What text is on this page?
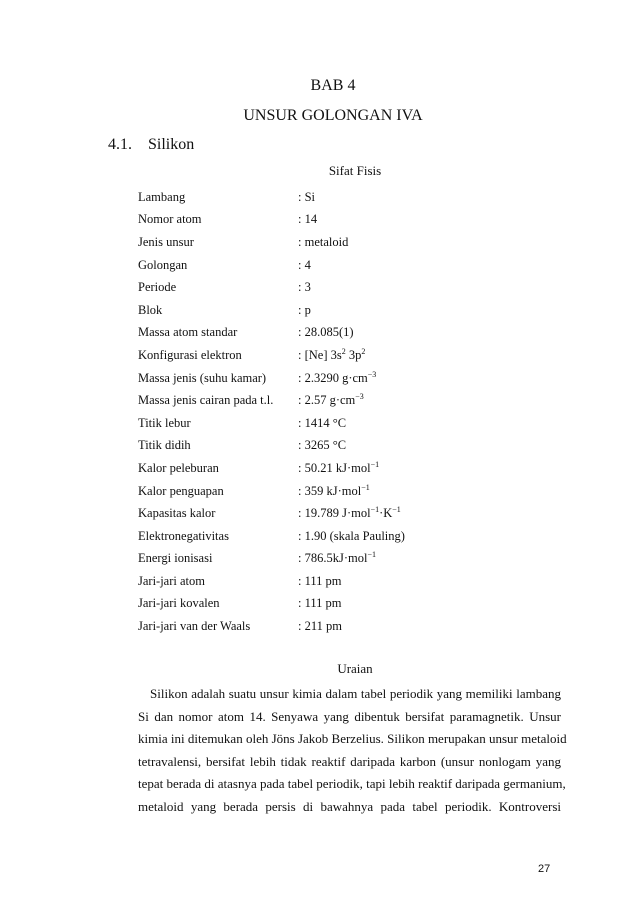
BAB 4
UNSUR GOLONGAN IVA
4.1. Silikon
Sifat Fisis
Lambang	: Si
Nomor atom	: 14
Jenis unsur	: metaloid
Golongan	: 4
Periode	: 3
Blok	: p
Massa atom standar	: 28.085(1)
Konfigurasi elektron	: [Ne] $3s^2$ $3p^2$
Massa jenis (suhu kamar)	: 2.3290 $g\cdot cm^{-3}$
Massa jenis cairan pada t.l.	: 2.57 $g\cdot cm^{-3}$
Titik lebur	: 1414 °C
Titik didih	: 3265 °C
Kalor peleburan	: 50.21 kJ·mol$^{-1}$
Kalor penguapan	: 359 kJ·mol$^{-1}$
Kapasitas kalor	: 19.789 $J\cdot mol^{-1}\cdot K^{-1}$
Elektronegativitas	: 1.90 (skala Pauling)
Energi ionisasi	: 786.5kJ·mol$^{-1}$
Jari-jari atom	: 111 pm
Jari-jari kovalen	: 111 pm
Jari-jari van der Waals	: 211 pm
Uraian
Silikon adalah suatu unsur kimia dalam tabel periodik yang memiliki lambang
Si dan nomor atom 14. Senyawa yang dibentuk bersifat paramagnetik. Unsur
kimia ini ditemukan oleh Jöns Jakob Berzelius. Silikon merupakan unsur metaloid
tetravalensi, bersifat lebih tidak reaktif daripada karbon (unsur nonlogam yang
tepat berada di atasnya pada tabel periodik, tapi lebih reaktif daripada germanium,
metaloid yang berada persis di bawahnya pada tabel periodik. Kontroversi
27
